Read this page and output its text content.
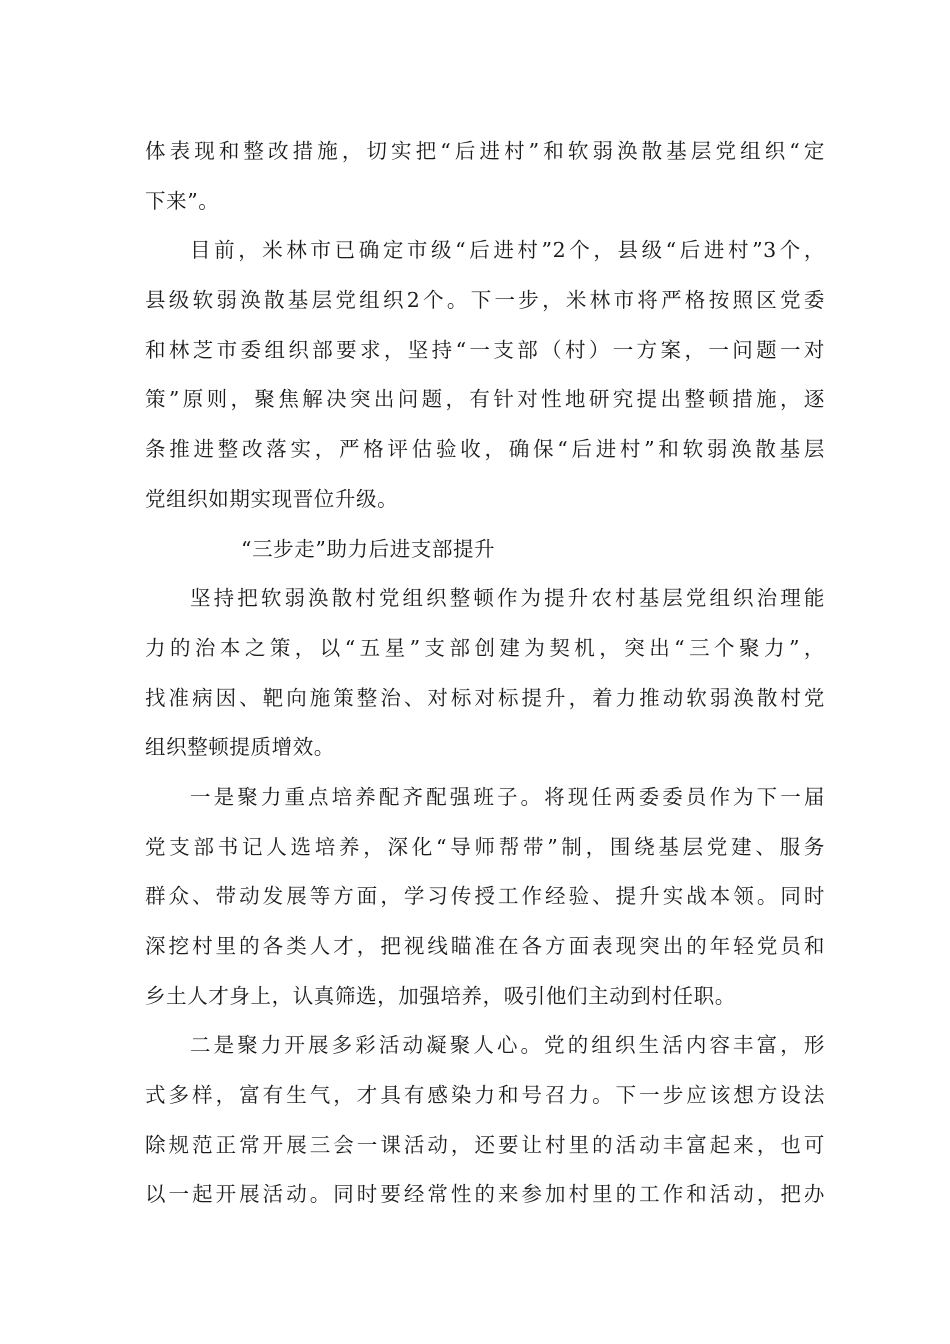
体表现和整改措施，切实把“后进村”和软弱涣散基层党组织“定
下来”。
目前，米林市已确定市级“后进村”2个，县级“后进村”3个，
县级软弱涣散基层党组织2个。下一步，米林市将严格按照区党委
和林芝市委组织部要求，坚持“一支部（村）一方案，一问题一对
策”原则，聚焦解决突出问题，有针对性地研究提出整顿措施，逐
条推进整改落实，严格评估验收，确保“后进村”和软弱涣散基层
党组织如期实现晋位升级。
“三步走”助力后进支部提升
坚持把软弱涣散村党组织整顿作为提升农村基层党组织治理能
力的治本之策，以“五星”支部创建为契机，突出“三个聚力”，
找准病因、靶向施策整治、对标对标提升，着力推动软弱涣散村党
组织整顿提质增效。
一是聚力重点培养配齐配强班子。将现任两委委员作为下一届
党支部书记人选培养，深化“导师帮带”制，围绕基层党建、服务
群众、带动发展等方面，学习传授工作经验、提升实战本领。同时
深挖村里的各类人才，把视线瞄准在各方面表现突出的年轻党员和
乡土人才身上，认真筛选，加强培养，吸引他们主动到村任职。
二是聚力开展多彩活动凝聚人心。党的组织生活内容丰富，形
式多样，富有生气，才具有感染力和号召力。下一步应该想方设法
除规范正常开展三会一课活动，还要让村里的活动丰富起来，也可
以一起开展活动。同时要经常性的来参加村里的工作和活动，把办
